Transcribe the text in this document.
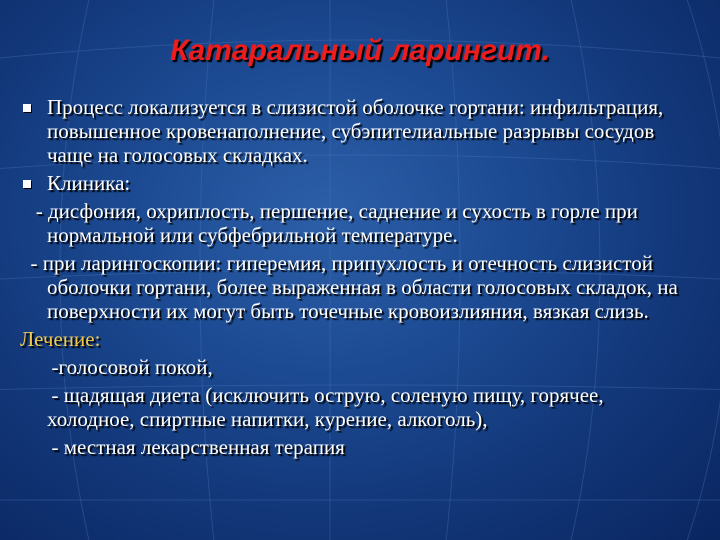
Катаральный ларингит.
Процесс локализуется в слизистой оболочке гортани: инфильтрация, повышенное кровенаполнение, субэпителиальные разрывы сосудов чаще на голосовых складках.
Клиника:
- дисфония, охриплость, першение, саднение и сухость в горле при нормальной или субфебрильной температуре.
- при ларингоскопии: гиперемия, припухлость и отечность слизистой оболочки гортани, более выраженная в области голосовых складок, на поверхности их могут быть точечные кровоизлияния, вязкая слизь.
Лечение:
-голосовой покой,
- щадящая диета (исключить острую, соленую пищу, горячее, холодное, спиртные напитки, курение, алкоголь),
- местная лекарственная терапия
